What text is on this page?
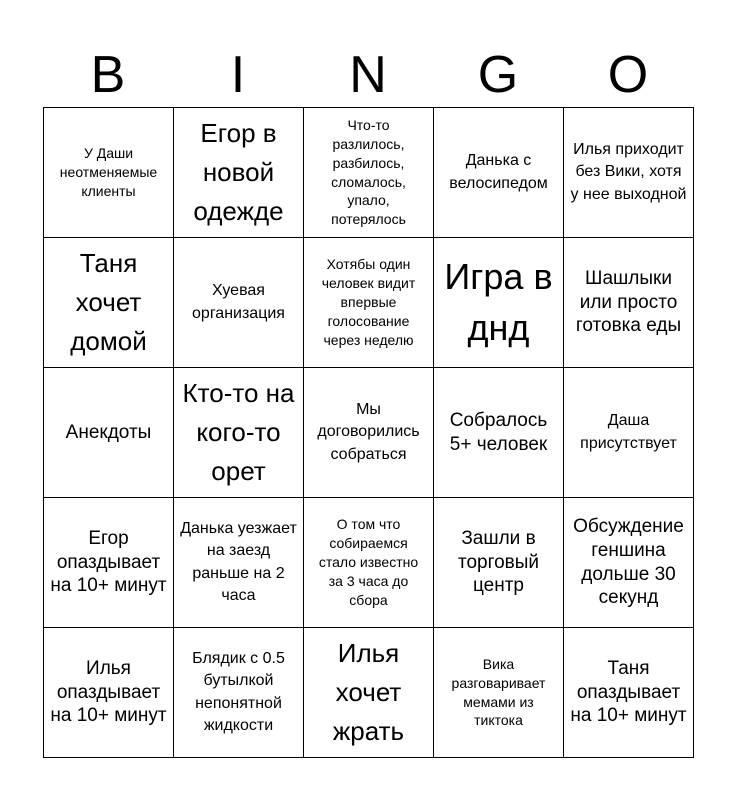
B	I	N	G	O
У Даши неотменяемые клиенты
Егор в новой одежде
Что-то разлилось, разбилось, сломалось, упало, потерялось
Данька с велосипедом
Илья приходит без Вики, хотя у нее выходной
Таня хочет домой
Хуевая организация
Хотябы один человек видит впервые голосование через неделю
Игра в днд
Шашлыки или просто готовка еды
Анекдоты
Кто-то на кого-то орет
Мы договорились собраться
Собралось 5+ человек
Даша присутствует
Егор опаздывает на 10+ минут
Данька уезжает на заезд раньше на 2 часа
О том что собираемся стало известно за 3 часа до сбора
Зашли в торговый центр
Обсуждение геншина дольше 30 секунд
Илья опаздывает на 10+ минут
Блядик с 0.5 бутылкой непонятной жидкости
Илья хочет жрать
Вика разговаривает мемами из тиктока
Таня опаздывает на 10+ минут
